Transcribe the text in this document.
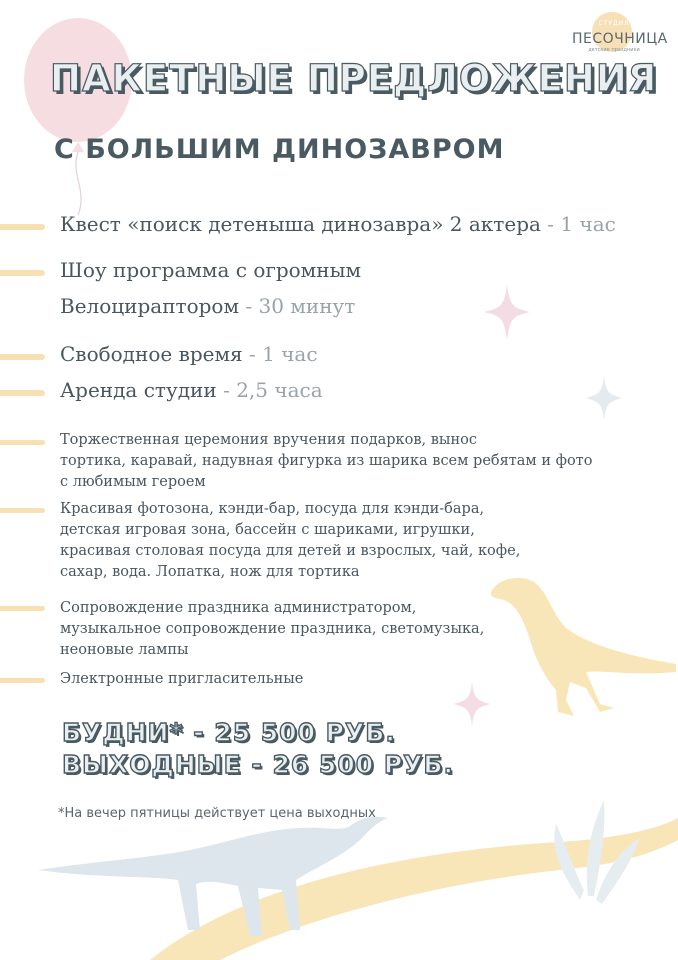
СТУДИЯ
ПЕСОЧНИЦА
детские праздники
ПАКЕТНЫЕ ПРЕДЛОЖЕНИЯ
С БОЛЬШИМ ДИНОЗАВРОМ
Квест «поиск детеныша динозавра» 2 актера - 1 час
Шоу программа с огромным
Велоцираптором - 30 минут
Свободное время - 1 час
Аренда студии - 2,5 часа
Торжественная церемония вручения подарков, вынос
тортика, каравай, надувная фигурка из шарика всем ребятам и фото
с любимым героем
Красивая фотозона, кэнди-бар, посуда для кэнди-бара,
детская игровая зона, бассейн с шариками, игрушки,
красивая столовая посуда для детей и взрослых, чай, кофе,
сахар, вода. Лопатка, нож для тортика
Сопровождение праздника администратором,
музыкальное сопровождение праздника, светомузыка,
неоновые лампы
Электронные пригласительные
БУДНИ* - 25 500 РУБ.
ВЫХОДНЫЕ - 26 500 РУБ.
*На вечер пятницы действует цена выходных
